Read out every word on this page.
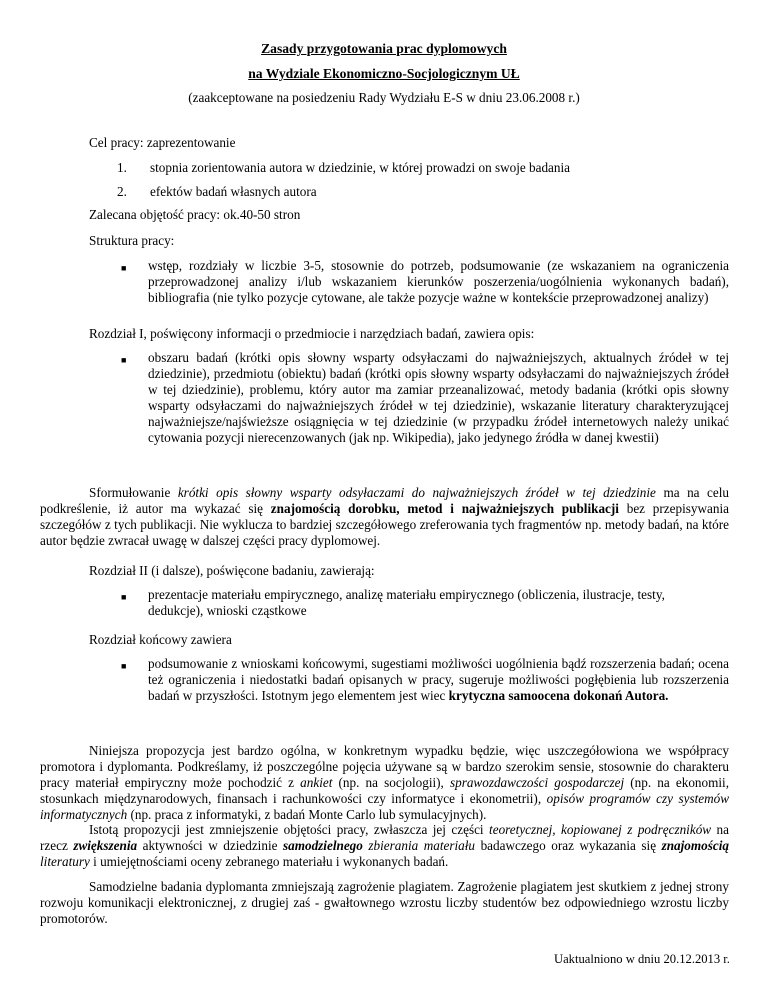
Zasady przygotowania prac dyplomowych
na Wydziale Ekonomiczno-Socjologicznym UŁ
(zaakceptowane na posiedzeniu Rady Wydziału E-S w dniu 23.06.2008 r.)
Cel pracy: zaprezentowanie
1. stopnia zorientowania autora w dziedzinie, w której prowadzi on swoje badania
2. efektów badań własnych autora
Zalecana objętość pracy: ok.40-50 stron
Struktura pracy:
■ wstęp, rozdziały w liczbie 3-5, stosownie do potrzeb, podsumowanie (ze wskazaniem na ograniczenia przeprowadzonej analizy i/lub wskazaniem kierunków poszerzenia/uogólnienia wykonanych badań), bibliografia (nie tylko pozycje cytowane, ale także pozycje ważne w kontekście przeprowadzonej analizy)
Rozdział I, poświęcony informacji o przedmiocie i narzędziach badań, zawiera opis:
■ obszaru badań (krótki opis słowny wsparty odsyłaczami do najważniejszych, aktualnych źródeł w tej dziedzinie), przedmiotu (obiektu) badań (krótki opis słowny wsparty odsyłaczami do najważniejszych źródeł w tej dziedzinie), problemu, który autor ma zamiar przeanalizować, metody badania (krótki opis słowny wsparty odsyłaczami do najważniejszych źródeł w tej dziedzinie), wskazanie literatury charakteryzującej najważniejsze/najświeższe osiągnięcia w tej dziedzinie (w przypadku źródeł internetowych należy unikać cytowania pozycji nierecenzowanych (jak np. Wikipedia), jako jedynego źródła w danej kwestii)
Sformułowanie krótki opis słowny wsparty odsyłaczami do najważniejszych źródeł w tej dziedzinie ma na celu podkreślenie, iż autor ma wykazać się znajomością dorobku, metod i najważniejszych publikacji bez przepisywania szczegółów z tych publikacji. Nie wyklucza to bardziej szczegółowego zreferowania tych fragmentów np. metody badań, na które autor będzie zwracał uwagę w dalszej części pracy dyplomowej.
Rozdział II (i dalsze), poświęcone badaniu, zawierają:
■ prezentacje materiału empirycznego, analizę materiału empirycznego (obliczenia, ilustracje, testy, dedukcje), wnioski cząstkowe
Rozdział końcowy zawiera
■ podsumowanie z wnioskami końcowymi, sugestiami możliwości uogólnienia bądź rozszerzenia badań; ocena też ograniczenia i niedostatki badań opisanych w pracy, sugeruje możliwości pogłębienia lub rozszerzenia badań w przyszłości. Istotnym jego elementem jest wiec krytyczna samoocena dokonań Autora.
Niniejsza propozycja jest bardzo ogólna, w konkretnym wypadku będzie, więc uszczegółowiona we współpracy promotora i dyplomanta. Podkreślamy, iż poszczególne pojęcia używane są w bardzo szerokim sensie, stosownie do charakteru pracy materiał empiryczny może pochodzić z ankiet (np. na socjologii), sprawozdawczości gospodarczej (np. na ekonomii, stosunkach międzynarodowych, finansach i rachunkowości czy informatyce i ekonometrii), opisów programów czy systemów informatycznych (np. praca z informatyki, z badań Monte Carlo lub symulacyjnych).
Istotą propozycji jest zmniejszenie objętości pracy, zwłaszcza jej części teoretycznej, kopiowanej z podręczników na rzecz zwiększenia aktywności w dziedzinie samodzielnego zbierania materiału badawczego oraz wykazania się znajomością literatury i umiejętnościami oceny zebranego materiału i wykonanych badań.
Samodzielne badania dyplomanta zmniejszają zagrożenie plagiatem. Zagrożenie plagiatem jest skutkiem z jednej strony rozwoju komunikacji elektronicznej, z drugiej zaś - gwałtownego wzrostu liczby studentów bez odpowiedniego wzrostu liczby promotorów.
Uaktualniono w dniu 20.12.2013 r.
